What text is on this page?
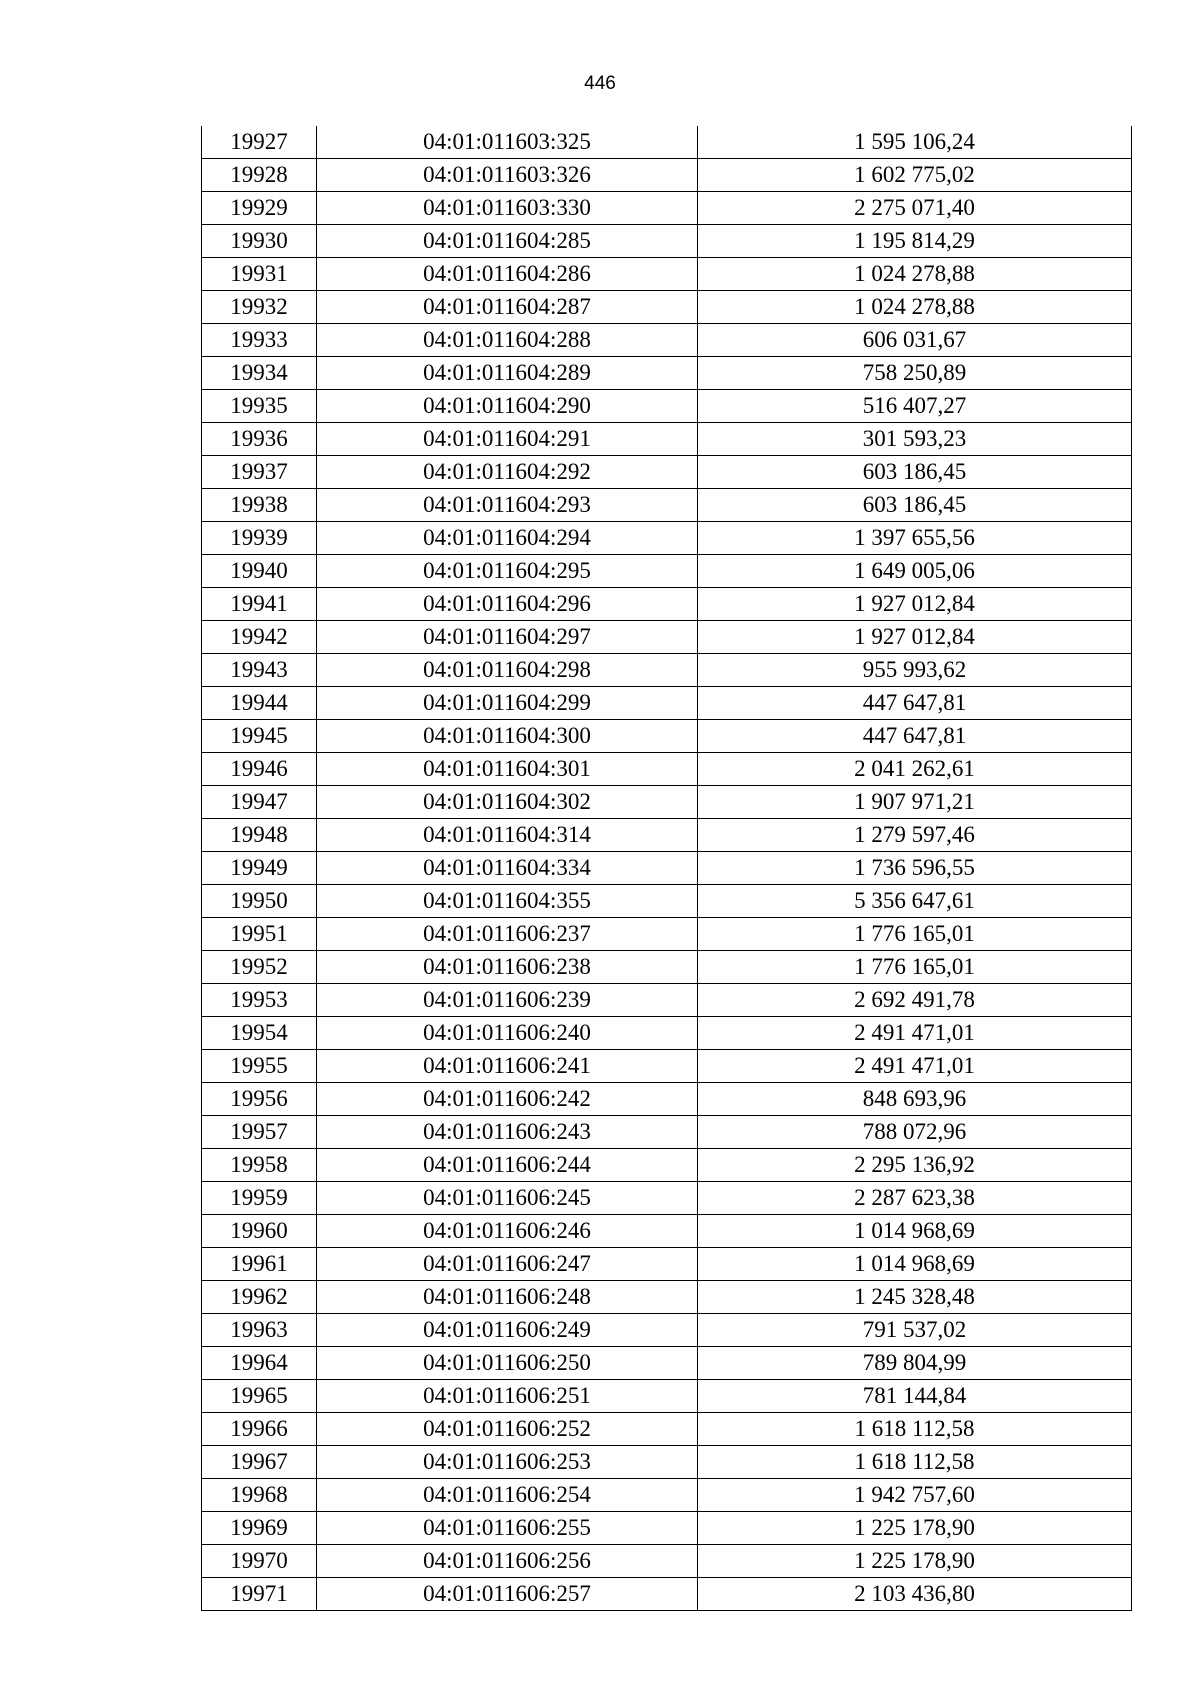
446
19927	04:01:011603:325	1 595 106,24
19928	04:01:011603:326	1 602 775,02
19929	04:01:011603:330	2 275 071,40
19930	04:01:011604:285	1 195 814,29
19931	04:01:011604:286	1 024 278,88
19932	04:01:011604:287	1 024 278,88
19933	04:01:011604:288	606 031,67
19934	04:01:011604:289	758 250,89
19935	04:01:011604:290	516 407,27
19936	04:01:011604:291	301 593,23
19937	04:01:011604:292	603 186,45
19938	04:01:011604:293	603 186,45
19939	04:01:011604:294	1 397 655,56
19940	04:01:011604:295	1 649 005,06
19941	04:01:011604:296	1 927 012,84
19942	04:01:011604:297	1 927 012,84
19943	04:01:011604:298	955 993,62
19944	04:01:011604:299	447 647,81
19945	04:01:011604:300	447 647,81
19946	04:01:011604:301	2 041 262,61
19947	04:01:011604:302	1 907 971,21
19948	04:01:011604:314	1 279 597,46
19949	04:01:011604:334	1 736 596,55
19950	04:01:011604:355	5 356 647,61
19951	04:01:011606:237	1 776 165,01
19952	04:01:011606:238	1 776 165,01
19953	04:01:011606:239	2 692 491,78
19954	04:01:011606:240	2 491 471,01
19955	04:01:011606:241	2 491 471,01
19956	04:01:011606:242	848 693,96
19957	04:01:011606:243	788 072,96
19958	04:01:011606:244	2 295 136,92
19959	04:01:011606:245	2 287 623,38
19960	04:01:011606:246	1 014 968,69
19961	04:01:011606:247	1 014 968,69
19962	04:01:011606:248	1 245 328,48
19963	04:01:011606:249	791 537,02
19964	04:01:011606:250	789 804,99
19965	04:01:011606:251	781 144,84
19966	04:01:011606:252	1 618 112,58
19967	04:01:011606:253	1 618 112,58
19968	04:01:011606:254	1 942 757,60
19969	04:01:011606:255	1 225 178,90
19970	04:01:011606:256	1 225 178,90
19971	04:01:011606:257	2 103 436,80
